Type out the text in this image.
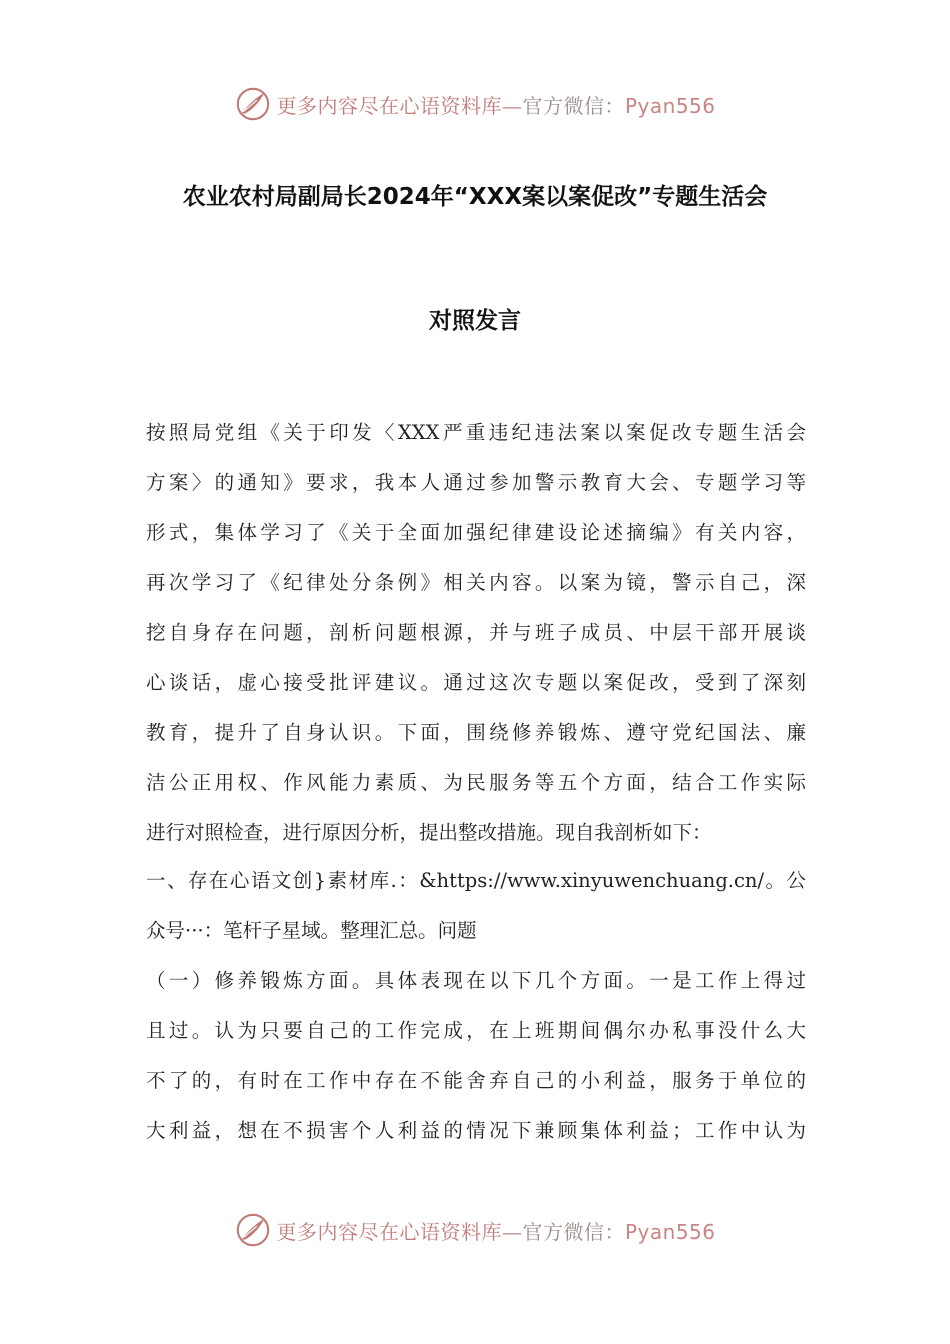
更多内容尽在心语资料库—官方微信：Pyan556
农业农村局副局长2024年“XXX案以案促改”专题生活会
对照发言
按照局党组《关于印发〈XXX严重违纪违法案以案促改专题生活会
方案〉的通知》要求，我本人通过参加警示教育大会、专题学习等
形式，集体学习了《关于全面加强纪律建设论述摘编》有关内容，
再次学习了《纪律处分条例》相关内容。以案为镜，警示自己，深
挖自身存在问题，剖析问题根源，并与班子成员、中层干部开展谈
心谈话，虚心接受批评建议。通过这次专题以案促改，受到了深刻
教育，提升了自身认识。下面，围绕修养锻炼、遵守党纪国法、廉
洁公正用权、作风能力素质、为民服务等五个方面，结合工作实际
进行对照检查，进行原因分析，提出整改措施。现自我剖析如下：
一、存在心语文创}素材库.：&https://www.xinyuwenchuang.cn/。公
众号···：笔杆子星域。整理汇总。问题
（一）修养锻炼方面。具体表现在以下几个方面。一是工作上得过
且过。认为只要自己的工作完成，在上班期间偶尔办私事没什么大
不了的，有时在工作中存在不能舍弃自己的小利益，服务于单位的
大利益，想在不损害个人利益的情况下兼顾集体利益；工作中认为
更多内容尽在心语资料库—官方微信：Pyan556
